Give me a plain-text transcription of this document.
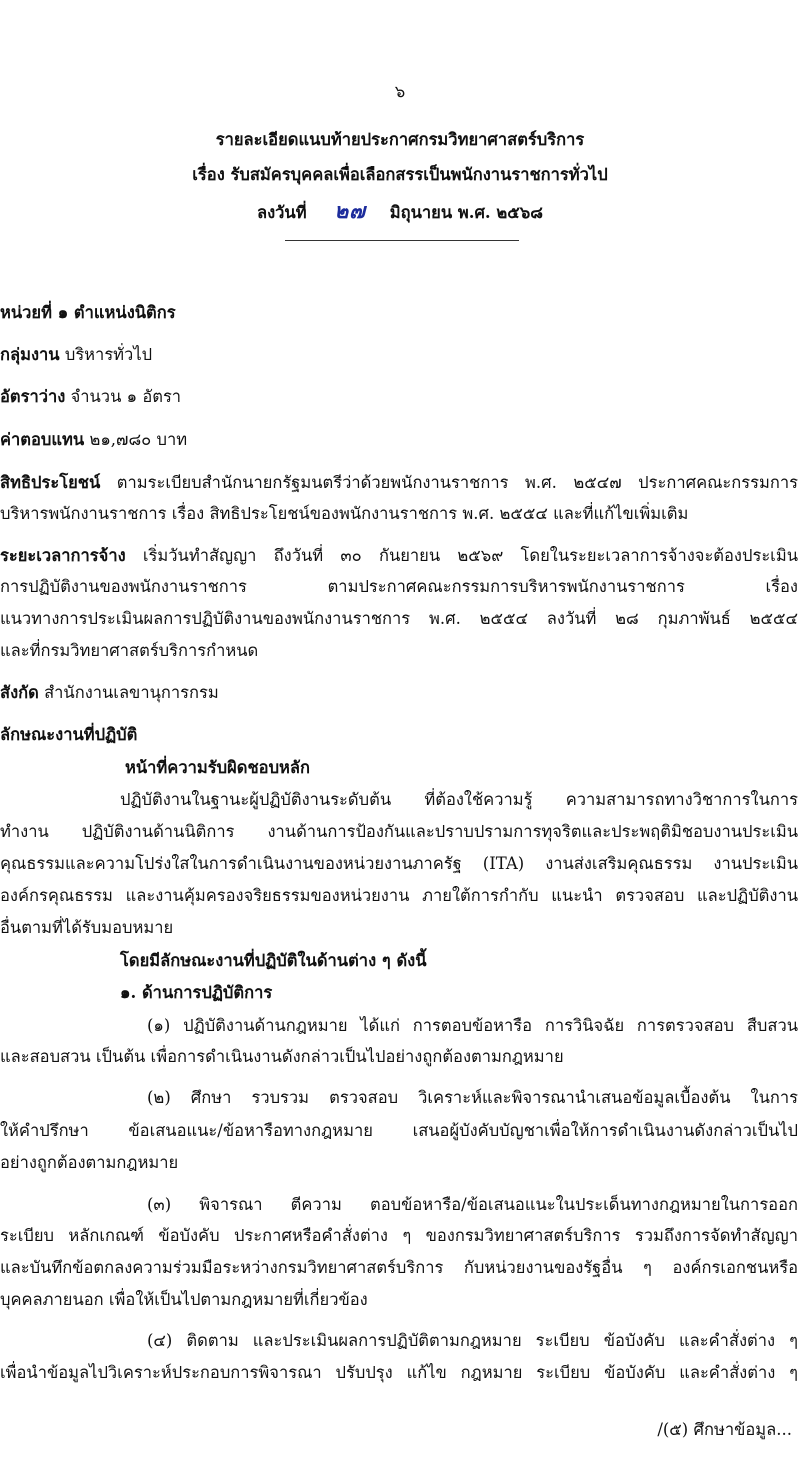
๖
รายละเอียดแนบท้ายประกาศกรมวิทยาศาสตร์บริการ
เรื่อง รับสมัครบุคคลเพื่อเลือกสรรเป็นพนักงานราชการทั่วไป
ลงวันที่ ๒๗ มิถุนายน พ.ศ. ๒๕๖๘
หน่วยที่ ๑ ตำแหน่งนิติกร
กลุ่มงาน บริหารทั่วไป
อัตราว่าง จำนวน ๑ อัตรา
ค่าตอบแทน ๒๑,๗๘๐ บาท
สิทธิประโยชน์ ตามระเบียบสำนักนายกรัฐมนตรีว่าด้วยพนักงานราชการ พ.ศ. ๒๕๔๗ ประกาศคณะกรรมการ
บริหารพนักงานราชการ เรื่อง สิทธิประโยชน์ของพนักงานราชการ พ.ศ. ๒๕๕๔ และที่แก้ไขเพิ่มเติม
ระยะเวลาการจ้าง เริ่มวันทำสัญญา ถึงวันที่ ๓๐ กันยายน ๒๕๖๙ โดยในระยะเวลาการจ้างจะต้องประเมิน
การปฏิบัติงานของพนักงานราชการ ตามประกาศคณะกรรมการบริหารพนักงานราชการ เรื่อง
แนวทางการประเมินผลการปฏิบัติงานของพนักงานราชการ พ.ศ. ๒๕๕๔ ลงวันที่ ๒๘ กุมภาพันธ์ ๒๕๕๔
และที่กรมวิทยาศาสตร์บริการกำหนด
สังกัด สำนักงานเลขานุการกรม
ลักษณะงานที่ปฏิบัติ
หน้าที่ความรับผิดชอบหลัก
ปฏิบัติงานในฐานะผู้ปฏิบัติงานระดับต้น ที่ต้องใช้ความรู้ ความสามารถทางวิชาการในการ
ทำงาน ปฏิบัติงานด้านนิติการ งานด้านการป้องกันและปราบปรามการทุจริตและประพฤติมิชอบงานประเมิน
คุณธรรมและความโปร่งใสในการดำเนินงานของหน่วยงานภาครัฐ (ITA) งานส่งเสริมคุณธรรม งานประเมิน
องค์กรคุณธรรม และงานคุ้มครองจริยธรรมของหน่วยงาน ภายใต้การกำกับ แนะนำ ตรวจสอบ และปฏิบัติงาน
อื่นตามที่ได้รับมอบหมาย
โดยมีลักษณะงานที่ปฏิบัติในด้านต่าง ๆ ดังนี้
๑. ด้านการปฏิบัติการ
(๑) ปฏิบัติงานด้านกฎหมาย ได้แก่ การตอบข้อหารือ การวินิจฉัย การตรวจสอบ สืบสวน
และสอบสวน เป็นต้น เพื่อการดำเนินงานดังกล่าวเป็นไปอย่างถูกต้องตามกฎหมาย
(๒) ศึกษา รวบรวม ตรวจสอบ วิเคราะห์และพิจารณานำเสนอข้อมูลเบื้องต้น ในการ
ให้คำปรึกษา ข้อเสนอแนะ/ข้อหารือทางกฎหมาย เสนอผู้บังคับบัญชาเพื่อให้การดำเนินงานดังกล่าวเป็นไป
อย่างถูกต้องตามกฎหมาย
(๓) พิจารณา ตีความ ตอบข้อหารือ/ข้อเสนอแนะในประเด็นทางกฎหมายในการออก
ระเบียบ หลักเกณฑ์ ข้อบังคับ ประกาศหรือคำสั่งต่าง ๆ ของกรมวิทยาศาสตร์บริการ รวมถึงการจัดทำสัญญา
และบันทึกข้อตกลงความร่วมมือระหว่างกรมวิทยาศาสตร์บริการ กับหน่วยงานของรัฐอื่น ๆ องค์กรเอกชนหรือ
บุคคลภายนอก เพื่อให้เป็นไปตามกฎหมายที่เกี่ยวข้อง
(๔) ติดตาม และประเมินผลการปฏิบัติตามกฎหมาย ระเบียบ ข้อบังคับ และคำสั่งต่าง ๆ
เพื่อนำข้อมูลไปวิเคราะห์ประกอบการพิจารณา ปรับปรุง แก้ไข กฎหมาย ระเบียบ ข้อบังคับ และคำสั่งต่าง ๆ
/(๕) ศึกษาข้อมูล...
